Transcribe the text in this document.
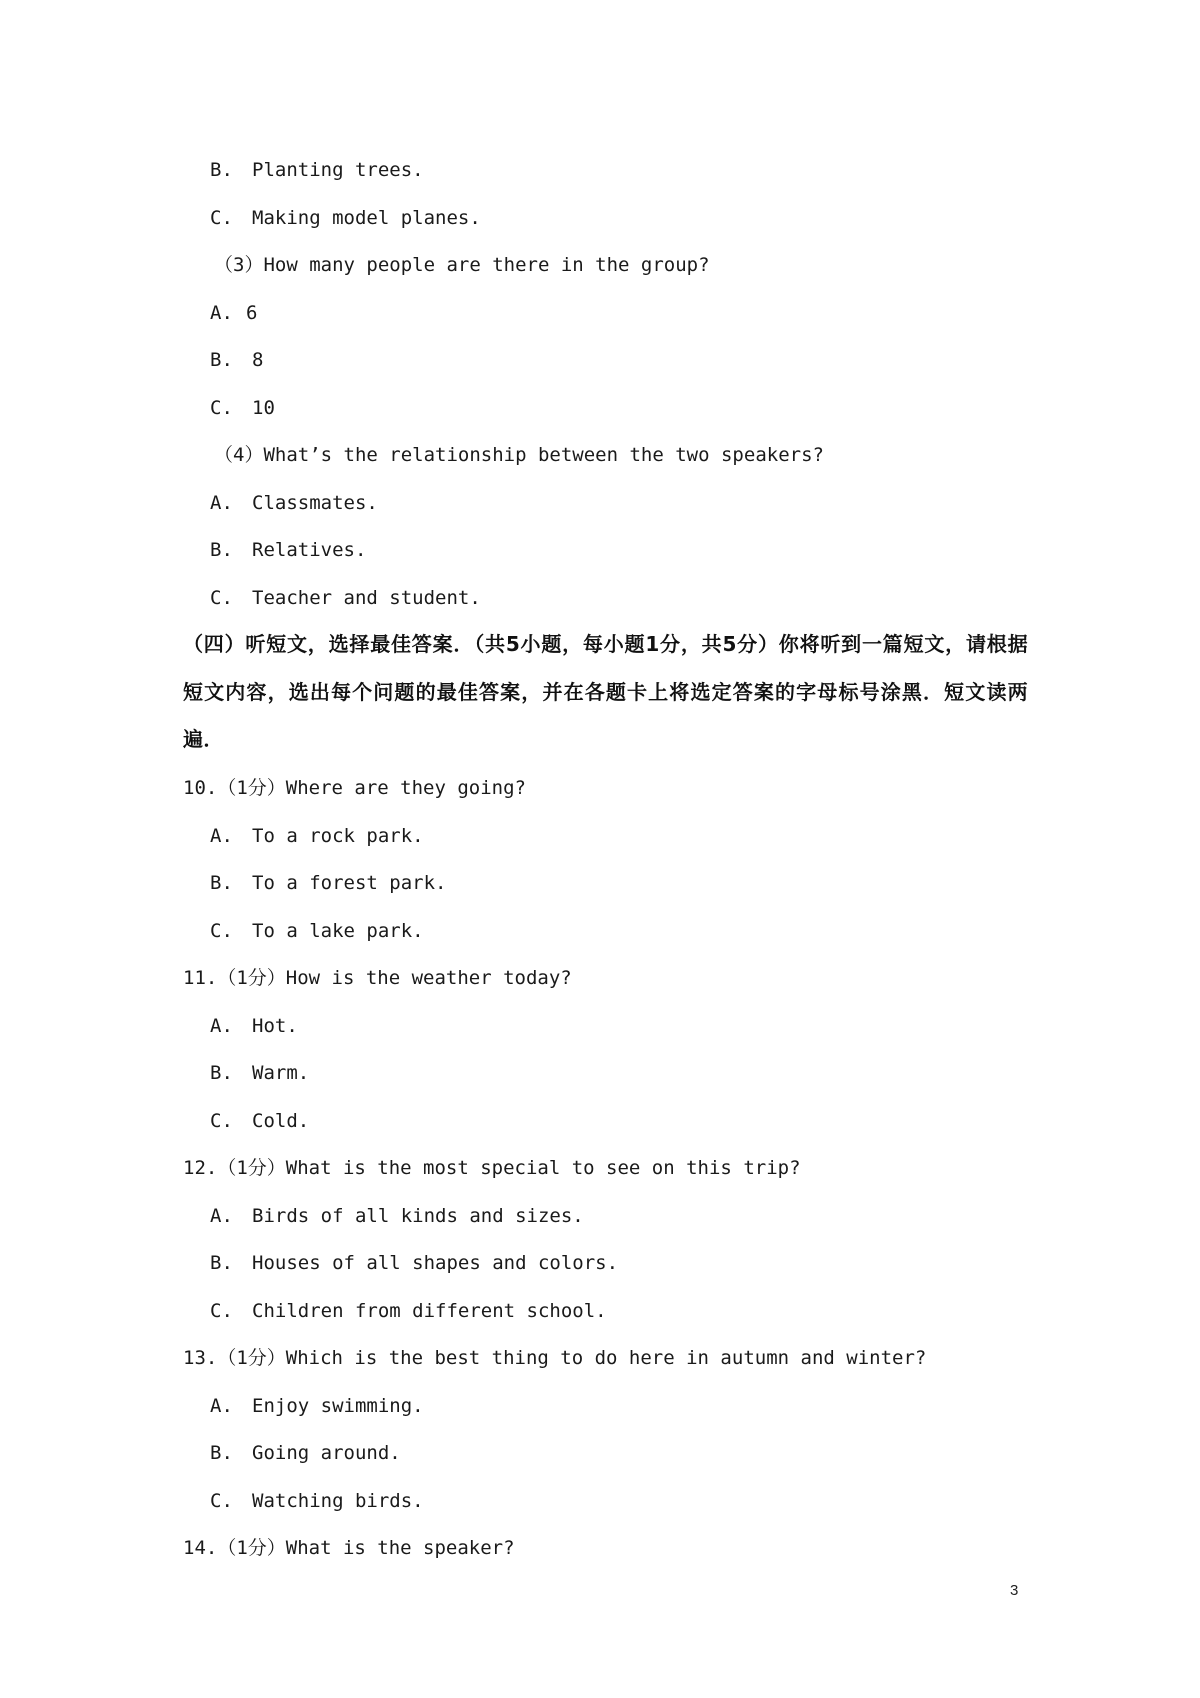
B. Planting trees.
C. Making model planes.
（3）How many people are there in the group?
A. 6
B. 8
C. 10
（4）What’s the relationship between the two speakers?
A. Classmates.
B. Relatives.
C. Teacher and student.
（四）听短文，选择最佳答案．（共5小题，每小题1分，共5分）你将听到一篇短文，请根据短文内容，选出每个问题的最佳答案，并在各题卡上将选定答案的字母标号涂黑．短文读两遍．
10.（1分）Where are they going?
A. To a rock park.
B. To a forest park.
C. To a lake park.
11.（1分）How is the weather today?
A. Hot.
B. Warm.
C. Cold.
12.（1分）What is the most special to see on this trip?
A. Birds of all kinds and sizes.
B. Houses of all shapes and colors.
C. Children from different school.
13.（1分）Which is the best thing to do here in autumn and winter?
A. Enjoy swimming.
B. Going around.
C. Watching birds.
14.（1分）What is the speaker?
3
